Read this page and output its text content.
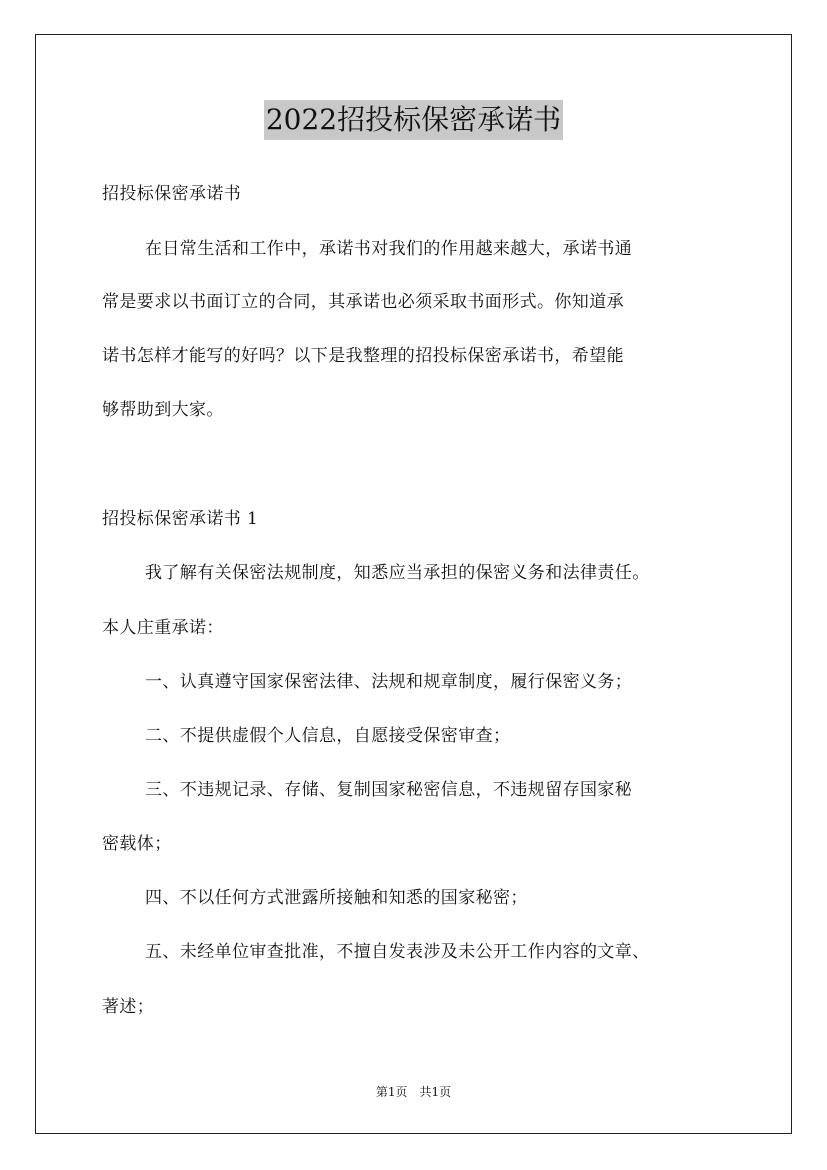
2022招投标保密承诺书
招投标保密承诺书
在日常生活和工作中，承诺书对我们的作用越来越大，承诺书通
常是要求以书面订立的合同，其承诺也必须采取书面形式。你知道承
诺书怎样才能写的好吗？以下是我整理的招投标保密承诺书，希望能
够帮助到大家。
招投标保密承诺书 1
我了解有关保密法规制度，知悉应当承担的保密义务和法律责任。
本人庄重承诺：
一、认真遵守国家保密法律、法规和规章制度，履行保密义务；
二、不提供虚假个人信息，自愿接受保密审查；
三、不违规记录、存储、复制国家秘密信息，不违规留存国家秘
密载体；
四、不以任何方式泄露所接触和知悉的国家秘密；
五、未经单位审查批准，不擅自发表涉及未公开工作内容的文章、
著述；
第1页　共1页
